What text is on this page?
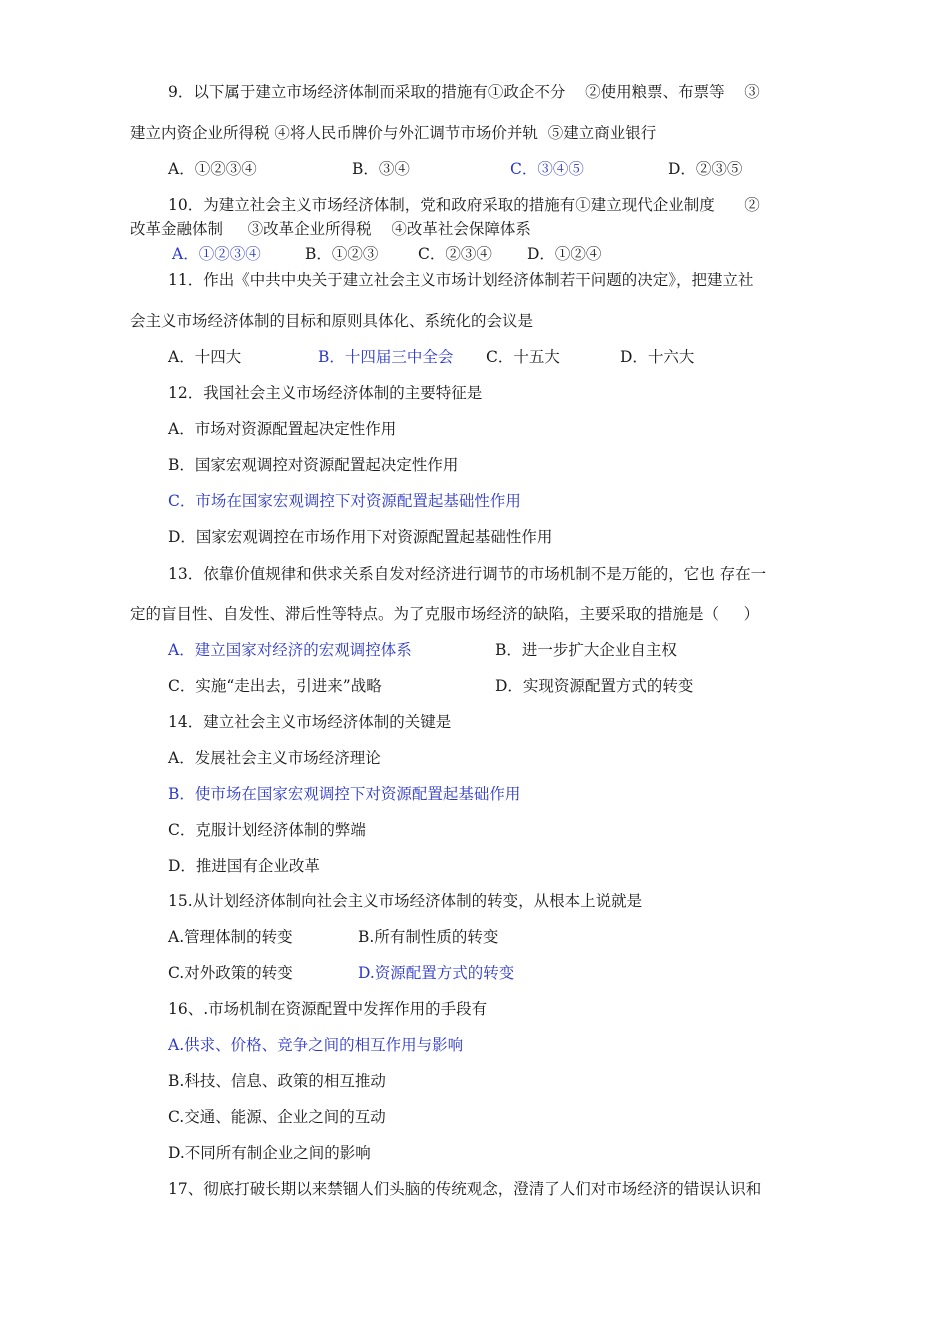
9．以下属于建立市场经济体制而采取的措施有①政企不分    ②使用粮票、布票等    ③
建立内资企业所得税 ④将人民币牌价与外汇调节市场价并轨  ⑤建立商业银行
A．①②③④	B．③④	C．③④⑤	D．②③⑤
10．为建立社会主义市场经济体制，党和政府采取的措施有①建立现代企业制度      ②
改革金融体制     ③改革企业所得税    ④改革社会保障体系
A．①②③④	B．①②③	C．②③④ D．①②④
11．作出《中共中央关于建立社会主义市场计划经济体制若干问题的决定》，把建立社
会主义市场经济体制的目标和原则具体化、系统化的会议是
A．十四大	B．十四届三中全会 C．十五大	D．十六大
12．我国社会主义市场经济体制的主要特征是
A．市场对资源配置起决定性作用
B．国家宏观调控对资源配置起决定性作用
C．市场在国家宏观调控下对资源配置起基础性作用
D．国家宏观调控在市场作用下对资源配置起基础性作用
13．依靠价值规律和供求关系自发对经济进行调节的市场机制不是万能的，它也 存在一
定的盲目性、自发性、滞后性等特点。为了克服市场经济的缺陷，主要采取的措施是（     ）
A．建立国家对经济的宏观调控体系	B．进一步扩大企业自主权
C．实施“走出去，引进来”战略	D．实现资源配置方式的转变
14．建立社会主义市场经济体制的关键是
A．发展社会主义市场经济理论
B．使市场在国家宏观调控下对资源配置起基础作用
C．克服计划经济体制的弊端
D．推进国有企业改革
15.从计划经济体制向社会主义市场经济体制的转变，从根本上说就是
A.管理体制的转变	B.所有制性质的转变
C.对外政策的转变	D.资源配置方式的转变
16、.市场机制在资源配置中发挥作用的手段有
A.供求、价格、竞争之间的相互作用与影响
B.科技、信息、政策的相互推动
C.交通、能源、企业之间的互动
D.不同所有制企业之间的影响
17、彻底打破长期以来禁锢人们头脑的传统观念，澄清了人们对市场经济的错误认识和
